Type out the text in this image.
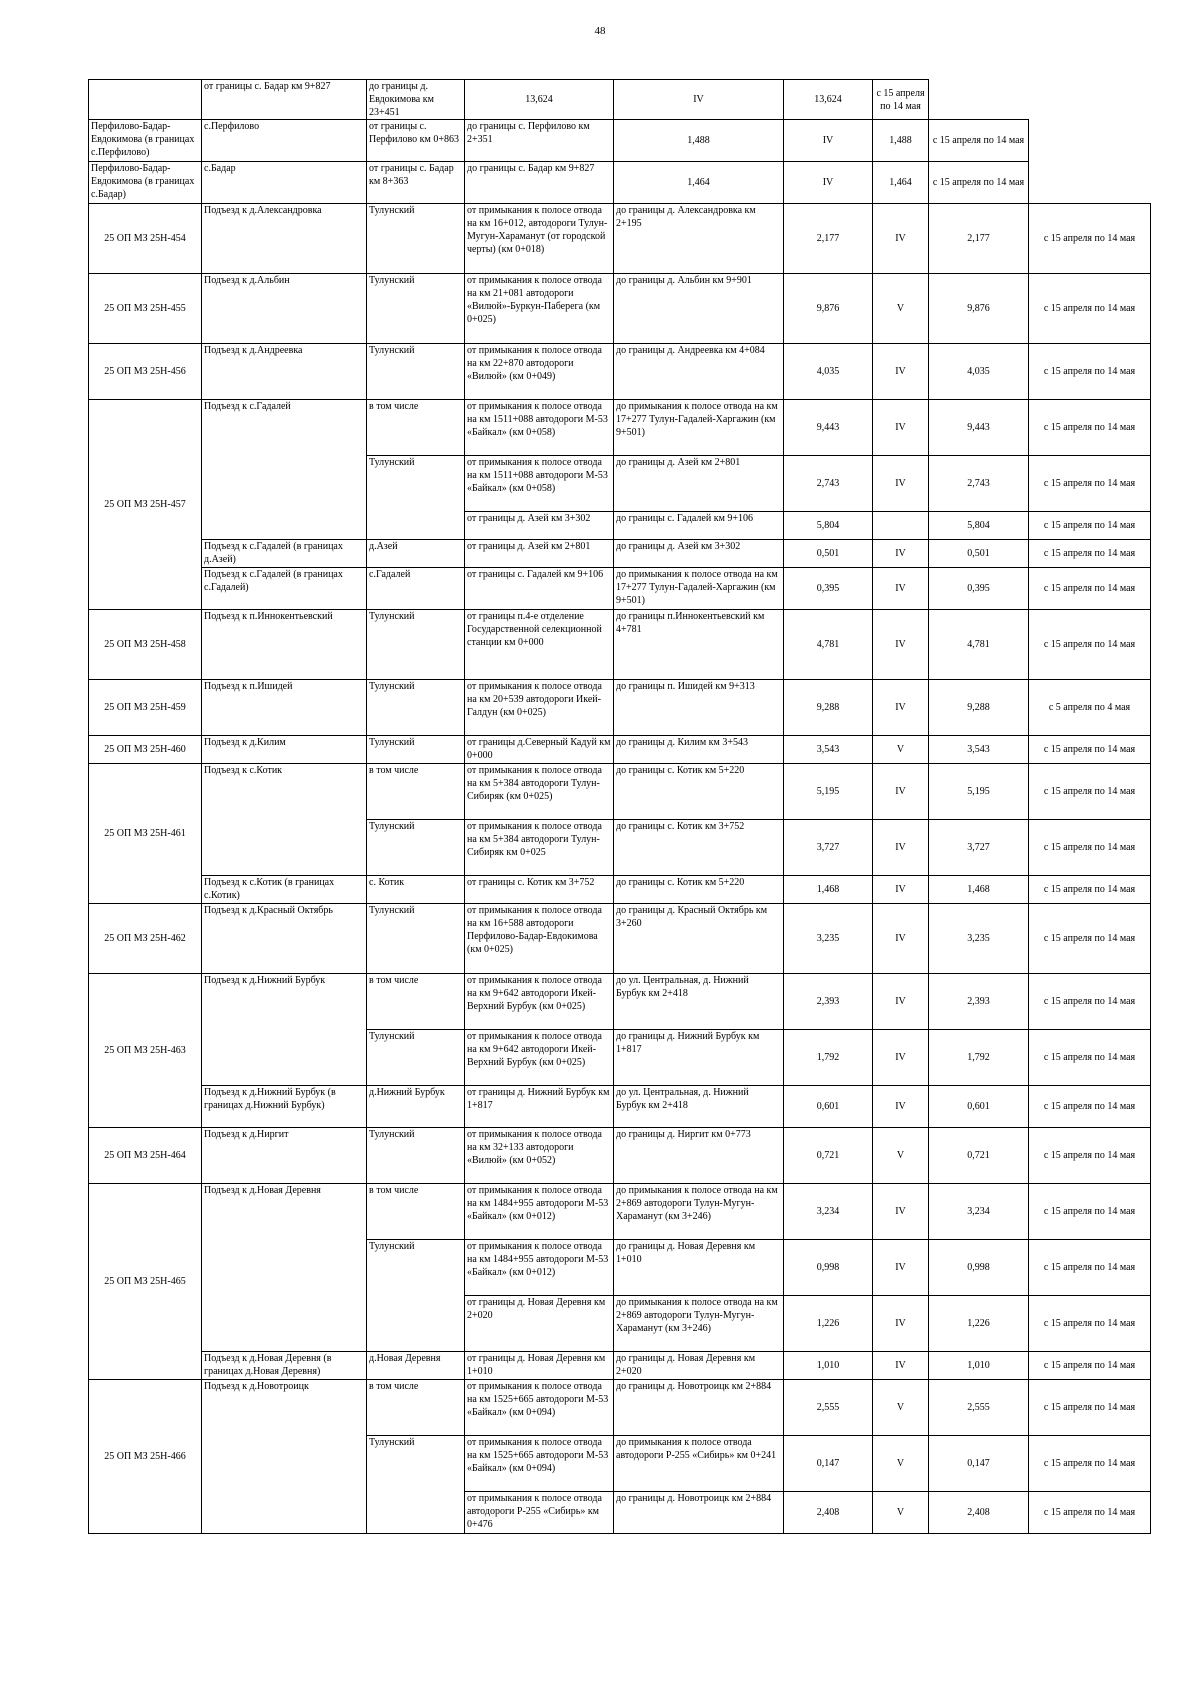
48
	от границы с. Бадар км 9+827	до границы д. Евдокимова км 23+451	13,624	IV	13,624	с 15 апреля по 14 мая		
Перфилово-Бадар-Евдокимова (в границах с.Перфилово)	с.Перфилово	от границы с. Перфилово км 0+863	до границы с. Перфилово км 2+351	1,488	IV	1,488	с 15 апреля по 14 мая	
Перфилово-Бадар-Евдокимова (в границах с.Бадар)	с.Бадар	от границы с. Бадар км 8+363	до границы с. Бадар км 9+827	1,464	IV	1,464	с 15 апреля по 14 мая	
25 ОП МЗ 25Н-454	Подъезд к д.Александровка	Тулунский	от примыкания к полосе отвода на км 16+012, автодороги Тулун-Мугун-Хараманут (от городской черты) (км 0+018)	до границы д. Александровка км 2+195	2,177	IV	2,177	с 15 апреля по 14 мая
25 ОП МЗ 25Н-455	Подъезд к д.Альбин	Тулунский	от примыкания к полосе отвода на км 21+081 автодороги «Вилюй»-Буркун-Паберега (км 0+025)	до границы д. Альбин км 9+901	9,876	V	9,876	с 15 апреля по 14 мая
25 ОП МЗ 25Н-456	Подъезд к д.Андреевка	Тулунский	от примыкания к полосе отвода на км 22+870 автодороги «Вилюй» (км 0+049)	до границы д. Андреевка км 4+084	4,035	IV	4,035	с 15 апреля по 14 мая
25 ОП МЗ 25Н-457	Подъезд к с.Гадалей	в том числе	от примыкания к полосе отвода на км 1511+088 автодороги М-53 «Байкал» (км 0+058)	до примыкания к полосе отвода на км 17+277 Тулун-Гадалей-Харгажин (км 9+501)	9,443	IV	9,443	с 15 апреля по 14 мая
		Тулунский	от примыкания к полосе отвода на км 1511+088 автодороги М-53 «Байкал» (км 0+058)	до границы д. Азей км 2+801	2,743	IV	2,743	с 15 апреля по 14 мая
			от границы д. Азей км 3+302	до границы с. Гадалей км 9+106	5,804		5,804	с 15 апреля по 14 мая
	Подъезд к с.Гадалей (в границах д.Азей)	д.Азей	от границы д. Азей км 2+801	до границы д. Азей км 3+302	0,501	IV	0,501	с 15 апреля по 14 мая
	Подъезд к с.Гадалей (в границах с.Гадалей)	с.Гадалей	от границы с. Гадалей км 9+106	до примыкания к полосе отвода на км 17+277 Тулун-Гадалей-Харгажин (км 9+501)	0,395	IV	0,395	с 15 апреля по 14 мая
25 ОП МЗ 25Н-458	Подъезд к п.Иннокентьевский	Тулунский	от границы п.4-е отделение Государственной селекционной станции км 0+000	до границы п.Иннокентьевский км 4+781	4,781	IV	4,781	с 15 апреля по 14 мая
25 ОП МЗ 25Н-459	Подъезд к п.Ишидей	Тулунский	от примыкания к полосе отвода на км 20+539 автодороги Икей-Галдун (км 0+025)	до границы п. Ишидей км 9+313	9,288	IV	9,288	с 5 апреля по 4 мая
25 ОП МЗ 25Н-460	Подъезд к д.Килим	Тулунский	от границы д.Северный Кадуй км 0+000	до границы д. Килим км 3+543	3,543	V	3,543	с 15 апреля по 14 мая
25 ОП МЗ 25Н-461	Подъезд к с.Котик	в том числе	от примыкания к полосе отвода на км 5+384 автодороги Тулун-Сибиряк (км 0+025)	до границы с. Котик км 5+220	5,195	IV	5,195	с 15 апреля по 14 мая
		Тулунский	от примыкания к полосе отвода на км 5+384 автодороги Тулун-Сибиряк км 0+025	до границы с. Котик км 3+752	3,727	IV	3,727	с 15 апреля по 14 мая
	Подъезд к с.Котик (в границах с.Котик)	с. Котик	от границы с. Котик км 3+752	до границы с. Котик км 5+220	1,468	IV	1,468	с 15 апреля по 14 мая
25 ОП МЗ 25Н-462	Подъезд к д.Красный Октябрь	Тулунский	от примыкания к полосе отвода на км 16+588 автодороги Перфилово-Бадар-Евдокимова (км 0+025)	до границы д. Красный Октябрь км 3+260	3,235	IV	3,235	с 15 апреля по 14 мая
25 ОП МЗ 25Н-463	Подъезд к д.Нижний Бурбук	в том числе	от примыкания к полосе отвода на км 9+642 автодороги Икей-Верхний Бурбук (км 0+025)	до ул. Центральная, д. Нижний Бурбук км 2+418	2,393	IV	2,393	с 15 апреля по 14 мая
		Тулунский	от примыкания к полосе отвода на км 9+642 автодороги Икей-Верхний Бурбук (км 0+025)	до границы д. Нижний Бурбук км 1+817	1,792	IV	1,792	с 15 апреля по 14 мая
	Подъезд к д.Нижний Бурбук (в границах д.Нижний Бурбук)	д.Нижний Бурбук	от границы д. Нижний Бурбук км 1+817	до ул. Центральная, д. Нижний Бурбук км 2+418	0,601	IV	0,601	с 15 апреля по 14 мая
25 ОП МЗ 25Н-464	Подъезд к д.Ниргит	Тулунский	от примыкания к полосе отвода на км 32+133 автодороги «Вилюй» (км 0+052)	до границы д. Ниргит км 0+773	0,721	V	0,721	с 15 апреля по 14 мая
25 ОП МЗ 25Н-465	Подъезд к д.Новая Деревня	в том числе	от примыкания к полосе отвода на км 1484+955 автодороги М-53 «Байкал» (км 0+012)	до примыкания к полосе отвода на км 2+869 автодороги Тулун-Мугун-Хараманут (км 3+246)	3,234	IV	3,234	с 15 апреля по 14 мая
		Тулунский	от примыкания к полосе отвода на км 1484+955 автодороги М-53 «Байкал» (км 0+012)	до границы д. Новая Деревня км 1+010	0,998	IV	0,998	с 15 апреля по 14 мая
			от границы д. Новая Деревня км 2+020	до примыкания к полосе отвода на км 2+869 автодороги Тулун-Мугун-Хараманут (км 3+246)	1,226	IV	1,226	с 15 апреля по 14 мая
	Подъезд к д.Новая Деревня (в границах д.Новая Деревня)	д.Новая Деревня	от границы д. Новая Деревня км 1+010	до границы д. Новая Деревня км 2+020	1,010	IV	1,010	с 15 апреля по 14 мая
25 ОП МЗ 25Н-466	Подъезд к д.Новотроицк	в том числе	от примыкания к полосе отвода на км 1525+665 автодороги М-53 «Байкал» (км 0+094)	до границы д. Новотроицк км 2+884	2,555	V	2,555	с 15 апреля по 14 мая
		Тулунский	от примыкания к полосе отвода на км 1525+665 автодороги М-53 «Байкал» (км 0+094)	до примыкания к полосе отвода автодороги Р-255 «Сибирь» км 0+241	0,147	V	0,147	с 15 апреля по 14 мая
			от примыкания к полосе отвода автодороги Р-255 «Сибирь» км 0+476	до границы д. Новотроицк км 2+884	2,408	V	2,408	с 15 апреля по 14 мая
